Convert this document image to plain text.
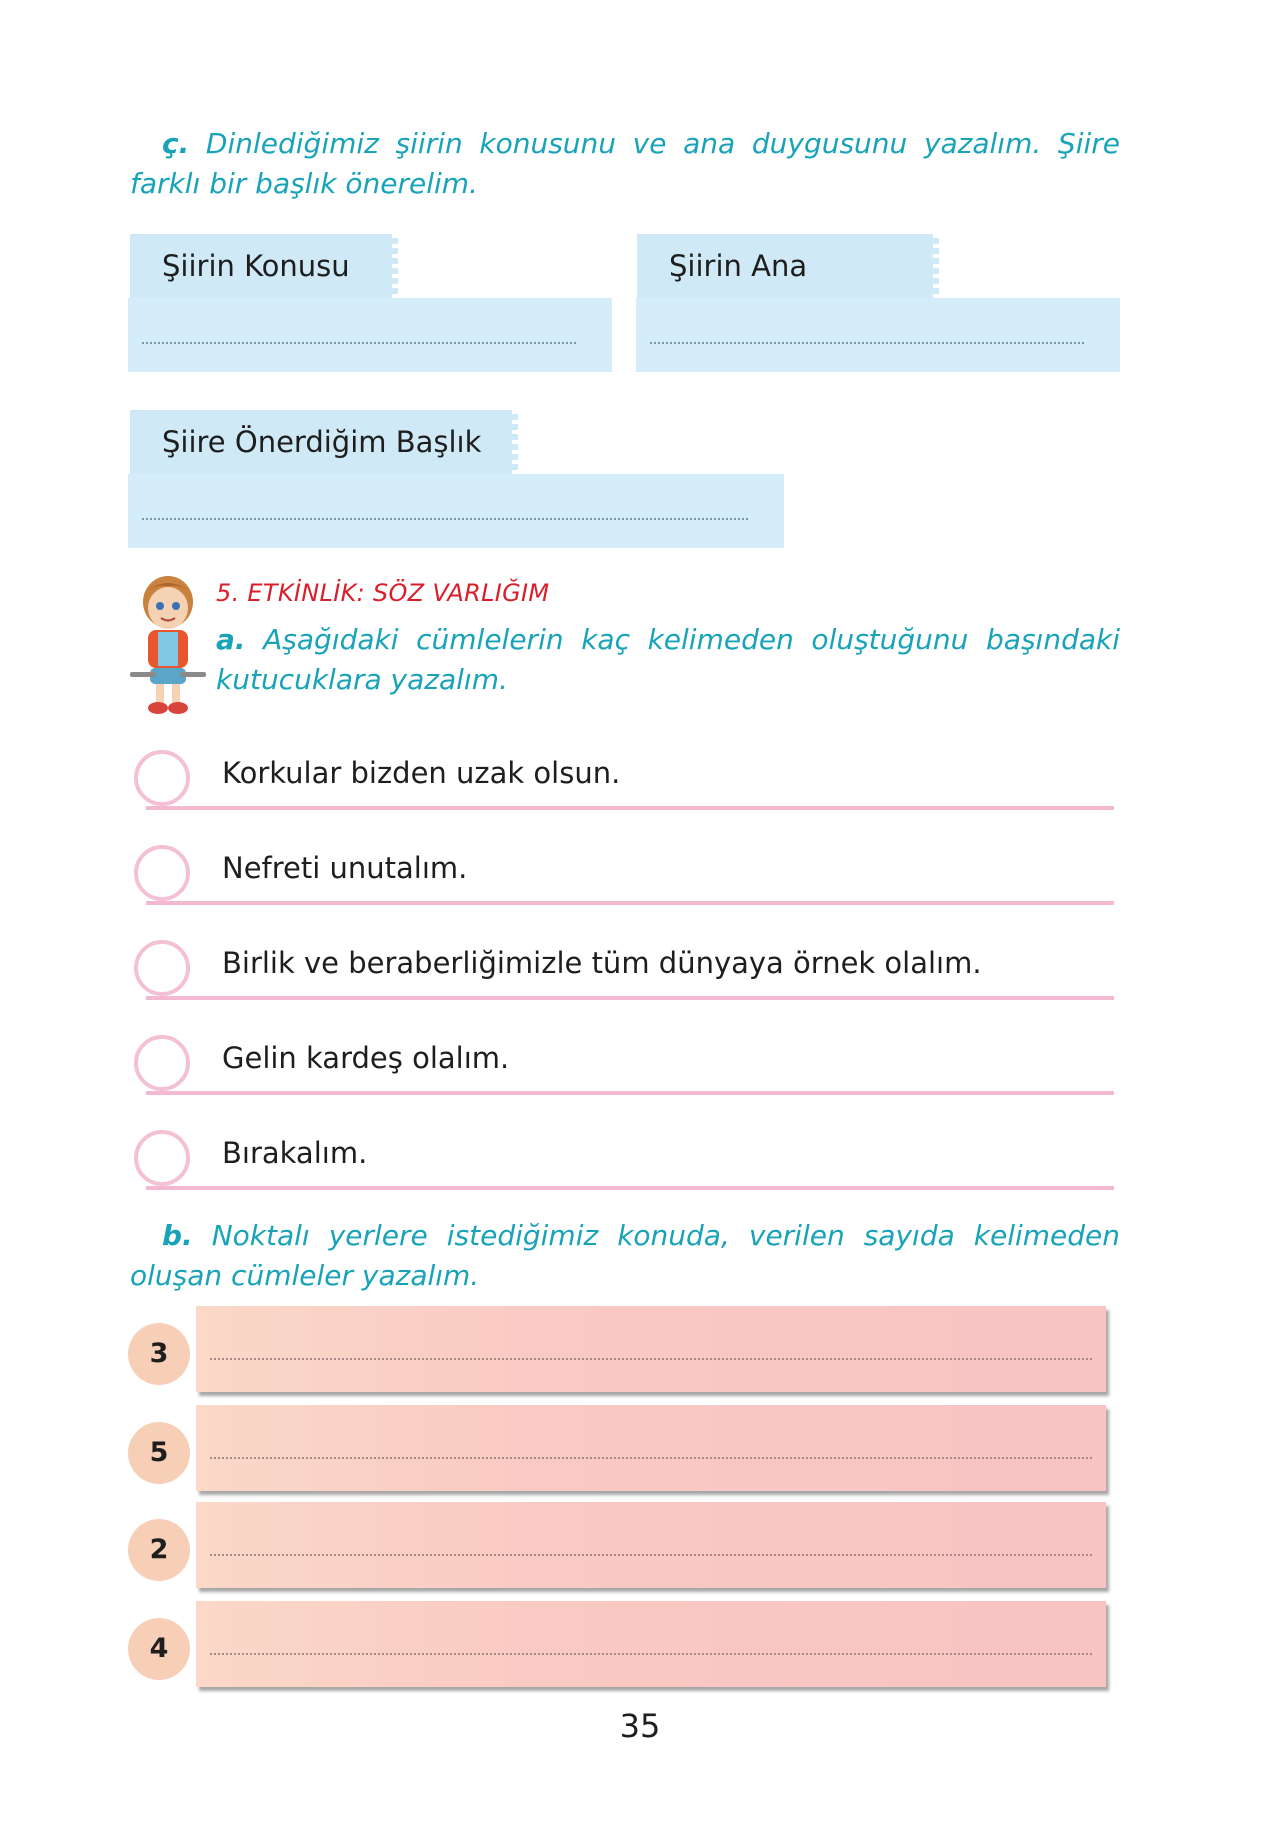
ç. Dinlediğimiz şiirin konusunu ve ana duygusunu yazalım. Şiire farklı bir başlık önerelim.

Şiirin Konusu	Şiirin Ana
Şiire Önerdiğim Başlık

5. ETKİNLİK: SÖZ VARLIĞIM

a. Aşağıdaki cümlelerin kaç kelimeden oluştuğunu başındaki kutucuklara yazalım.

Korkular bizden uzak olsun.
Nefreti unutalım.
Birlik ve beraberliğimizle tüm dünyaya örnek olalım.
Gelin kardeş olalım.
Bırakalım.

b. Noktalı yerlere istediğimiz konuda, verilen sayıda kelimeden oluşan cümleler yazalım.

3
5
2
4
35
